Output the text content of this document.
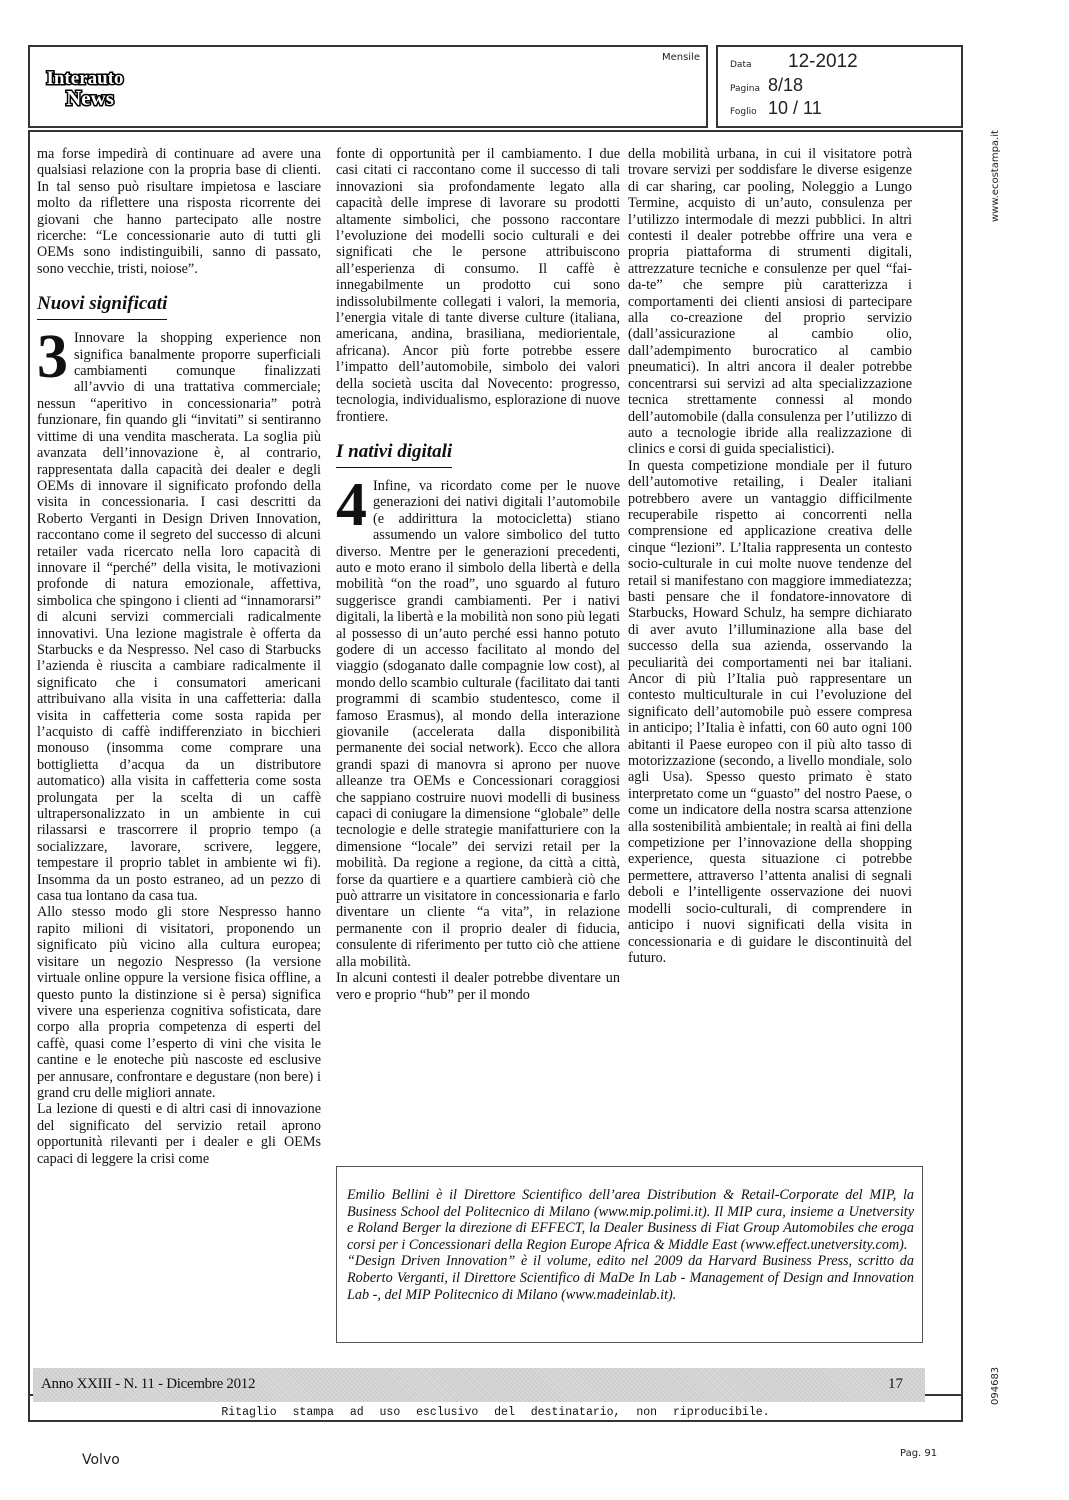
Interauto
News
Mensile
Data 12-2012
Pagina 8/18
Foglio 10 / 11
www.ecostampa.it
094683

ma forse impedirà di continuare ad avere una qualsiasi relazione con la propria base di clienti. In tal senso può risultare impietosa e lasciare molto da riflettere una risposta ricorrente dei giovani che hanno partecipato alle nostre ricerche: “Le concessionarie auto di tutti gli OEMs sono indistinguibili, sanno di passato, sono vecchie, tristi, noiose”.

Nuovi significati

3 Innovare la shopping experience non significa banalmente proporre superficiali cambiamenti comunque finalizzati all’avvio di una trattativa commerciale; nessun “aperitivo in concessionaria” potrà funzionare, fin quando gli “invitati” si sentiranno vittime di una vendita mascherata. La soglia più avanzata dell’innovazione è, al contrario, rappresentata dalla capacità dei dealer e degli OEMs di innovare il significato profondo della visita in concessionaria. I casi descritti da Roberto Verganti in Design Driven Innovation, raccontano come il segreto del successo di alcuni retailer vada ricercato nella loro capacità di innovare il “perché” della visita, le motivazioni profonde di natura emozionale, affettiva, simbolica che spingono i clienti ad “innamorarsi” di alcuni servizi commerciali radicalmente innovativi. Una lezione magistrale è offerta da Starbucks e da Nespresso. Nel caso di Starbucks l’azienda è riuscita a cambiare radicalmente il significato che i consumatori americani attribuivano alla visita in una caffetteria: dalla visita in caffetteria come sosta rapida per l’acquisto di caffè indifferenziato in bicchieri monouso (insomma come comprare una bottiglietta d’acqua da un distributore automatico) alla visita in caffetteria come sosta prolungata per la scelta di un caffè ultrapersonalizzato in un ambiente in cui rilassarsi e trascorrere il proprio tempo (a socializzare, lavorare, scrivere, leggere, tempestare il proprio tablet in ambiente wi fi). Insomma da un posto estraneo, ad un pezzo di casa tua lontano da casa tua.

Allo stesso modo gli store Nespresso hanno rapito milioni di visitatori, proponendo un significato più vicino alla cultura europea; visitare un negozio Nespresso (la versione virtuale online oppure la versione fisica offline, a questo punto la distinzione si è persa) significa vivere una esperienza cognitiva sofisticata, dare corpo alla propria competenza di esperti del caffè, quasi come l’esperto di vini che visita le cantine e le enoteche più nascoste ed esclusive per annusare, confrontare e degustare (non bere) i grand cru delle migliori annate.

La lezione di questi e di altri casi di innovazione del significato del servizio retail aprono opportunità rilevanti per i dealer e gli OEMs capaci di leggere la crisi come

fonte di opportunità per il cambiamento. I due casi citati ci raccontano come il successo di tali innovazioni sia profondamente legato alla capacità delle imprese di lavorare su prodotti altamente simbolici, che possono raccontare l’evoluzione dei modelli socio culturali e dei significati che le persone attribuiscono all’esperienza di consumo. Il caffè è innegabilmente un prodotto cui sono indissolubilmente collegati i valori, la memoria, l’energia vitale di tante diverse culture (italiana, americana, andina, brasiliana, mediorientale, africana). Ancor più forte potrebbe essere l’impatto dell’automobile, simbolo dei valori della società uscita dal Novecento: progresso, tecnologia, individualismo, esplorazione di nuove frontiere.

I nativi digitali

4 Infine, va ricordato come per le nuove generazioni dei nativi digitali l’automobile (e addirittura la motocicletta) stiano assumendo un valore simbolico del tutto diverso. Mentre per le generazioni precedenti, auto e moto erano il simbolo della libertà e della mobilità “on the road”, uno sguardo al futuro suggerisce grandi cambiamenti. Per i nativi digitali, la libertà e la mobilità non sono più legati al possesso di un’auto perché essi hanno potuto godere di un accesso facilitato al mondo del viaggio (sdoganato dalle compagnie low cost), al mondo dello scambio culturale (facilitato dai tanti programmi di scambio studentesco, come il famoso Erasmus), al mondo della interazione giovanile (accelerata dalla disponibilità permanente dei social network). Ecco che allora grandi spazi di manovra si aprono per nuove alleanze tra OEMs e Concessionari coraggiosi che sappiano costruire nuovi modelli di business capaci di coniugare la dimensione “globale” delle tecnologie e delle strategie manifatturiere con la dimensione “locale” dei servizi retail per la mobilità. Da regione a regione, da città a città, forse da quartiere e a quartiere cambierà ciò che può attrarre un visitatore in concessionaria e farlo diventare un cliente “a vita”, in relazione permanente con il proprio dealer di fiducia, consulente di riferimento per tutto ciò che attiene alla mobilità.

In alcuni contesti il dealer potrebbe diventare un vero e proprio “hub” per il mondo

della mobilità urbana, in cui il visitatore potrà trovare servizi per soddisfare le diverse esigenze di car sharing, car pooling, Noleggio a Lungo Termine, acquisto di un’auto, consulenza per l’utilizzo intermodale di mezzi pubblici. In altri contesti il dealer potrebbe offrire una vera e propria piattaforma di strumenti digitali, attrezzature tecniche e consulenze per quel “fai-da-te” che sempre più caratterizza i comportamenti dei clienti ansiosi di partecipare alla co-creazione del proprio servizio (dall’assicurazione al cambio olio, dall’adempimento burocratico al cambio pneumatici). In altri ancora il dealer potrebbe concentrarsi sui servizi ad alta specializzazione tecnica strettamente connessi al mondo dell’automobile (dalla consulenza per l’utilizzo di auto a tecnologie ibride alla realizzazione di clinics e corsi di guida specialistici).

In questa competizione mondiale per il futuro dell’automotive retailing, i Dealer italiani potrebbero avere un vantaggio difficilmente recuperabile rispetto ai concorrenti nella comprensione ed applicazione creativa delle cinque “lezioni”. L’Italia rappresenta un contesto socio-culturale in cui molte nuove tendenze del retail si manifestano con maggiore immediatezza; basti pensare che il fondatore-innovatore di Starbucks, Howard Schulz, ha sempre dichiarato di aver avuto l’illuminazione alla base del successo della sua azienda, osservando la peculiarità dei comportamenti nei bar italiani. Ancor di più l’Italia può rappresentare un contesto multiculturale in cui l’evoluzione del significato dell’automobile può essere compresa in anticipo; l’Italia è infatti, con 60 auto ogni 100 abitanti il Paese europeo con il più alto tasso di motorizzazione (secondo, a livello mondiale, solo agli Usa). Spesso questo primato è stato interpretato come un “guasto” del nostro Paese, o come un indicatore della nostra scarsa attenzione alla sostenibilità ambientale; in realtà ai fini della competizione per l’innovazione della shopping experience, questa situazione ci potrebbe permettere, attraverso l’attenta analisi di segnali deboli e l’intelligente osservazione dei nuovi modelli socio-culturali, di comprendere in anticipo i nuovi significati della visita in concessionaria e di guidare le discontinuità del futuro.

Emilio Bellini è il Direttore Scientifico dell’area Distribution & Retail-Corporate del MIP, la Business School del Politecnico di Milano (www.mip.polimi.it). Il MIP cura, insieme a Unetversity e Roland Berger la direzione di EFFECT, la Dealer Business di Fiat Group Automobiles che eroga corsi per i Concessionari della Region Europe Africa & Middle East (www.effect.unetversity.com).

“Design Driven Innovation” è il volume, edito nel 2009 da Harvard Business Press, scritto da Roberto Verganti, il Direttore Scientifico di MaDe In Lab - Management of Design and Innovation Lab -, del MIP Politecnico di Milano (www.madeinlab.it).

Anno XXIII - N. 11 - Dicembre 2012	17
Ritaglio stampa ad uso esclusivo del destinatario, non riproducibile.
Volvo	Pag. 91
